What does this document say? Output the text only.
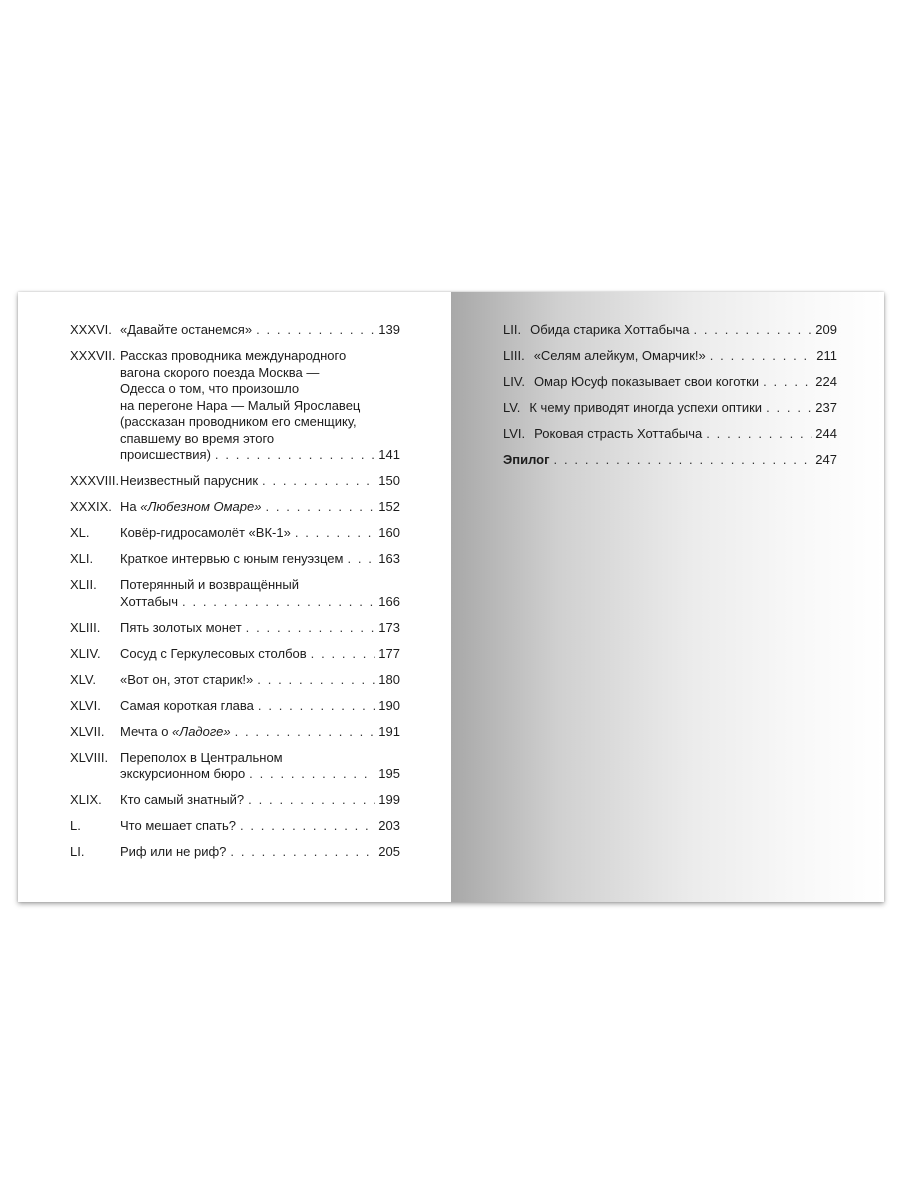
XXXVI. «Давайте останемся» . . .	139
XXXVII. Рассказ проводника международного
вагона скорого поезда Москва —
Одесса о том, что произошло
на перегоне Нара — Малый Ярославец
(рассказан проводником его сменщику,
спавшему во время этого
происшествия) . . .	141
XXXVIII. Неизвестный парусник . . .	150
XXXIX. На «Любезном Омаре» . . .	152
XL.	Ковёр-гидросамолёт «ВК-1» . . .	160
XLI.	Краткое интервью с юным генуэзцем . . .	163
XLII.	Потерянный и возвращённый
Хоттабыч . . .	166
XLIII.	Пять золотых монет . . .	173
XLIV.	Сосуд с Геркулесовых столбов . . .	177
XLV.	«Вот он, этот старик!» . . .	180
XLVI.	Самая короткая глава . . .	190
XLVII.	Мечта о «Ладоге» . . .	191
XLVIII. Переполох в Центральном
экскурсионном бюро . . .	195
XLIX.	Кто самый знатный? . . .	199
L.	Что мешает спать? . . .	203
LI.	Риф или не риф? . . .	205
LII. Обида старика Хоттабыча . . .	209
LIII. «Селям алейкум, Омарчик!» . . .	211
LIV. Омар Юсуф показывает свои коготки . . .	224
LV. К чему приводят иногда успехи оптики . . .	237
LVI. Роковая страсть Хоттабыча . . .	244
Эпилог . . .	247
